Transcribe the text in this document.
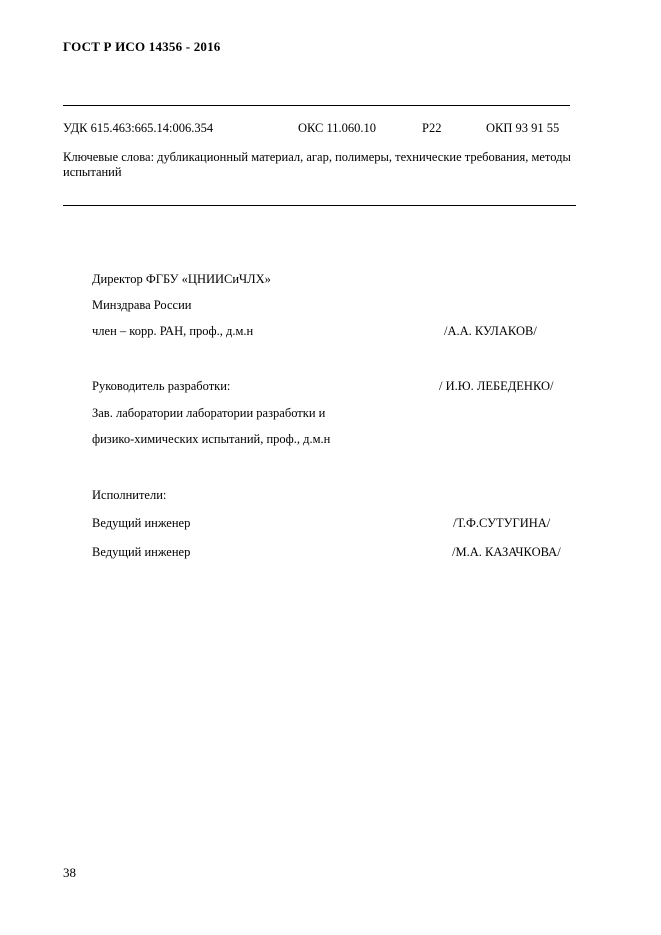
ГОСТ Р ИСО 14356 - 2016
УДК 615.463:665.14:006.354	ОКС 11.060.10	Р22	ОКП 93 91 55
Ключевые слова: дубликационный материал, агар, полимеры, технические требования, методы испытаний
Директор ФГБУ «ЦНИИСиЧЛХ»
Минздрава России
член – корр. РАН, проф., д.м.н	/А.А. КУЛАКОВ/
Руководитель разработки:	/ И.Ю. ЛЕБЕДЕНКО/
Зав. лаборатории лаборатории разработки и
физико-химических испытаний, проф., д.м.н
Исполнители:
Ведущий инженер	/Т.Ф.СУТУГИНА/
Ведущий инженер	/М.А. КАЗАЧКОВА/
38
